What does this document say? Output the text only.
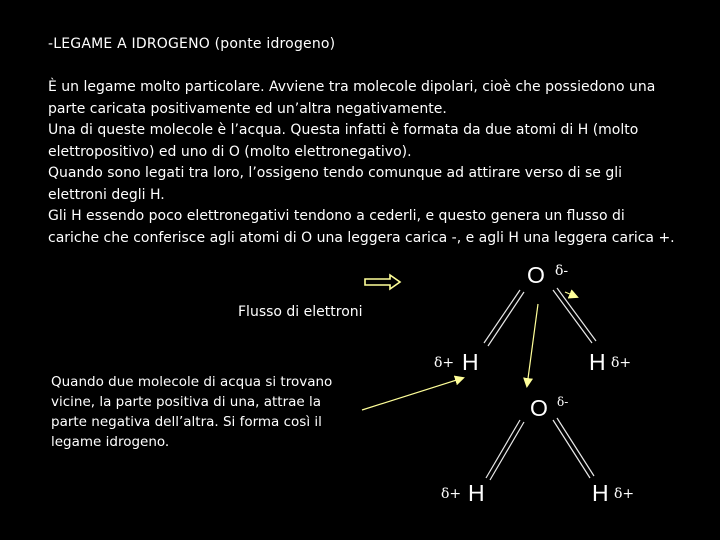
-LEGAME A IDROGENO (ponte idrogeno)
È un legame molto particolare. Avviene tra molecole dipolari, cioè che possiedono una
parte caricata positivamente ed un’altra negativamente.
Una di queste molecole è l’acqua. Questa infatti è formata da due atomi di H (molto
elettropositivo) ed uno di O (molto elettronegativo).
Quando sono legati tra loro, l’ossigeno tendo comunque ad attirare verso di se gli
elettroni degli H.
Gli H essendo poco elettronegativi tendono a cederli, e questo genera un flusso di
cariche che conferisce agli atomi di O una leggera carica -, e agli H una leggera carica +.
Flusso di elettroni
O δ-
δ+ H	H δ+
O δ-
δ+ H	H δ+
Quando due molecole di acqua si trovano
vicine, la parte positiva di una, attrae la
parte negativa dell’altra. Si forma così il
legame idrogeno.
